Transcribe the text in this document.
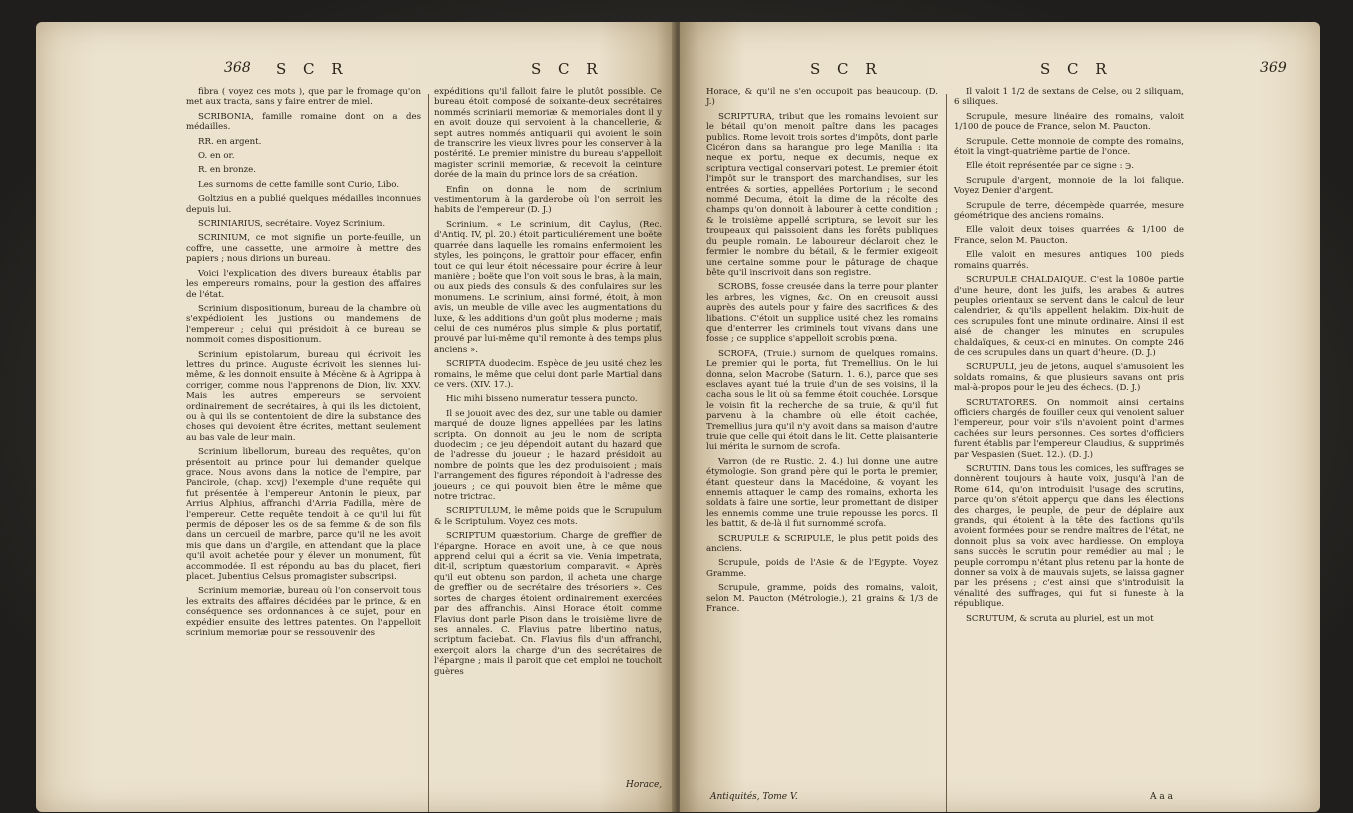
368 S C R	S C R

fibra ( voyez ces mots ), que par le fromage qu'on met aux tracta, sans y faire entrer de miel.

SCRIBONIA, famille romaine dont on a des médailles.

RR. en argent.

O. en or.

R. en bronze.

Les surnoms de cette famille sont Curio, Libo.

Goltzius en a publié quelques médailles inconnues depuis lui.

SCRINIARIUS, secrétaire. Voyez Scrinium.

SCRINIUM, ce mot signifie un porte-feuille, un coffre, une cassette, une armoire à mettre des papiers ; nous dirions un bureau.

Voici l'explication des divers bureaux établis par les empereurs romains, pour la gestion des affaires de l'état.

Scrinium dispositionum, bureau de la chambre où s'expédioient les justions ou mandemens de l'empereur ; celui qui présidoit à ce bureau se nommoit comes dispositionum.

Scrinium epistolarum, bureau qui écrivoit les lettres du prince. Auguste écrivoit les siennes lui-même, & les donnoit ensuite à Mécène & à Agrippa à corriger, comme nous l'apprenons de Dion, liv. XXV. Mais les autres empereurs se servoient ordinairement de secrétaires, à qui ils les dictoient, ou à qui ils se contentoient de dire la substance des choses qui devoient être écrites, mettant seulement au bas vale de leur main.

Scrinium libellorum, bureau des requêtes, qu'on présentoit au prince pour lui demander quelque grace. Nous avons dans la notice de l'empire, par Pancirole, (chap. xcvj) l'exemple d'une requête qui fut présentée à l'empereur Antonin le pieux, par Arrius Alphius, affranchi d'Arria Fadilla, mère de l'empereur. Cette requête tendoit à ce qu'il lui fût permis de déposer les os de sa femme & de son fils dans un cercueil de marbre, parce qu'il ne les avoit mis que dans un d'argile, en attendant que la place qu'il avoit achetée pour y élever un monument, fût accommodée. Il est répondu au bas du placet, fieri placet. Jubentius Celsus promagister subscripsi.

Scrinium memoriæ, bureau où l'on conservoit tous les extraits des affaires décidées par le prince, & en conséquence ses ordonnances à ce sujet, pour en expédier ensuite des lettres patentes. On l'appelloit scrinium memoriæ pour se ressouvenir des

expéditions qu'il falloit faire le plutôt possible. Ce bureau étoit composé de soixante-deux secrétaires nommés scriniarii memoriæ & memoriales dont il y en avoit douze qui servoient à la chancellerie, & sept autres nommés antiquarii qui avoient le soin de transcrire les vieux livres pour les conserver à la postérité. Le premier ministre du bureau s'appelloit magister scrinii memoriæ, & recevoit la ceinture dorée de la main du prince lors de sa création.

Enfin on donna le nom de scrinium vestimentorum à la garderobe où l'on serroit les habits de l'empereur (D. J.)

Scrinium. « Le scrinium, dit Caylus, (Rec. d'Antiq. IV, pl. 20.) étoit particuliérement une boëte quarrée dans laquelle les romains enfermoient les styles, les poinçons, le grattoir pour effacer, enfin tout ce qui leur étoit nécessaire pour écrire à leur manière ; boëte que l'on voit sous le bras, à la main, ou aux pieds des consuls & des confulaires sur les monumens. Le scrinium, ainsi formé, étoit, à mon avis, un meuble de ville avec les augmentations du luxe, & les additions d'un goût plus moderne ; mais celui de ces numéros plus simple & plus portatif, prouvé par lui-même qu'il remonte à des temps plus anciens ».

SCRIPTA duodecim. Espèce de jeu usité chez les romains, le même que celui dont parle Martial dans ce vers. (XIV. 17.).

Hic mihi bisseno numeratur tessera puncto.

Il se jouoit avec des dez, sur une table ou damier marqué de douze lignes appellées par les latins scripta. On donnoit au jeu le nom de scripta duodecim ; ce jeu dépendoit autant du hazard que de l'adresse du joueur ; le hazard présidoit au nombre de points que les dez produisoient ; mais l'arrangement des figures répondoit à l'adresse des joueurs ; ce qui pouvoit bien être le même que notre trictrac.

SCRIPTULUM, le même poids que le Scrupulum & le Scriptulum. Voyez ces mots.

SCRIPTUM quæstorium. Charge de greffier de l'épargne. Horace en avoit une, à ce que nous apprend celui qui a écrit sa vie. Venia impetrata, dit-il, scriptum quæstorium comparavit. « Après qu'il eut obtenu son pardon, il acheta une charge de greffier ou de secrétaire des trésoriers ». Ces sortes de charges étoient ordinairement exercées par des affranchis. Ainsi Horace étoit comme Flavius dont parle Pison dans le troisième livre de ses annales. C. Flavius patre libertino natus, scriptum faciebat. Cn. Flavius fils d'un affranchi, exerçoit alors la charge d'un des secrétaires de l'épargne ; mais il paroit que cet emploi ne touchoit guères

Horace,
S C R	S C R	369

Horace, & qu'il ne s'en occupoit pas beaucoup. (D. J.)

SCRIPTURA, tribut que les romains levoient sur le bétail qu'on menoit paître dans les pacages publics. Rome levoit trois sortes d'impôts, dont parle Cicéron dans sa harangue pro lege Manilia : ita neque ex portu, neque ex decumis, neque ex scriptura vectigal conservari potest. Le premier étoit l'impôt sur le transport des marchandises, sur les entrées & sorties, appellées Portorium ; le second nommé Decuma, étoit la dime de la récolte des champs qu'on donnoit à labourer à cette condition ; & le troisième appellé scriptura, se levoit sur les troupeaux qui paissoient dans les forêts publiques du peuple romain. Le laboureur déclaroit chez le fermier le nombre du bétail, & le fermier exigeoit une certaine somme pour le pâturage de chaque bête qu'il inscrivoit dans son registre.

SCROBS, fosse creusée dans la terre pour planter les arbres, les vignes, &c. On en creusoit aussi auprès des autels pour y faire des sacrifices & des libations. C'étoit un supplice usité chez les romains que d'enterrer les criminels tout vivans dans une fosse ; ce supplice s'appelloit scrobis pœna.

SCROFA, (Truie.) surnom de quelques romains. Le premier qui le porta, fut Tremellius. On le lui donna, selon Macrobe (Saturn. 1. 6.), parce que ses esclaves ayant tué la truie d'un de ses voisins, il la cacha sous le lit où sa femme étoit couchée. Lorsque le voisin fit la recherche de sa truie, & qu'il fut parvenu à la chambre où elle étoit cachée, Tremellius jura qu'il n'y avoit dans sa maison d'autre truie que celle qui étoit dans le lit. Cette plaisanterie lui mérita le surnom de scrofa.

Varron (de re Rustic. 2. 4.) lui donne une autre étymologie. Son grand père qui le porta le premier, étant questeur dans la Macédoine, & voyant les ennemis attaquer le camp des romains, exhorta les soldats à faire une sortie, leur promettant de disiper les ennemis comme une truie repousse les porcs. Il les battit, & de-là il fut surnommé scrofa.

SCRUPULE & SCRIPULE, le plus petit poids des anciens.

Scrupule, poids de l'Asie & de l'Egypte. Voyez Gramme.

Scrupule, gramme, poids des romains, valoit, selon M. Paucton (Métrologie.), 21 grains & 1/3 de France.

Il valoit 1 1/2 de sextans de Celse, ou 2 siliquam, 6 siliques.

Scrupule, mesure linéaire des romains, valoit 1/100 de pouce de France, selon M. Paucton.

Scrupule. Cette monnoie de compte des romains, étoit la vingt-quatrième partie de l'once.

Elle étoit représentée par ce signe : ℈.

Scrupule d'argent, monnoie de la loi falique. Voyez Denier d'argent.

Scrupule de terre, décempède quarrée, mesure géométrique des anciens romains.

Elle valoit deux toises quarrées & 1/100 de France, selon M. Paucton.

Elle valoit en mesures antiques 100 pieds romains quarrés.

SCRUPULE CHALDAIQUE. C'est la 1080e partie d'une heure, dont les juifs, les arabes & autres peuples orientaux se servent dans le calcul de leur calendrier, & qu'ils appellent helakim. Dix-huit de ces scrupules font une minute ordinaire. Ainsi il est aisé de changer les minutes en scrupules chaldaïques, & ceux-ci en minutes. On compte 246 de ces scrupules dans un quart d'heure. (D. J.)

SCRUPULI, jeu de jetons, auquel s'amusoient les soldats romains, & que plusieurs savans ont pris mal-à-propos pour le jeu des échecs. (D. J.)

SCRUTATORES. On nommoit ainsi certains officiers chargés de fouiller ceux qui venoient saluer l'empereur, pour voir s'ils n'avoient point d'armes cachées sur leurs personnes. Ces sortes d'officiers furent établis par l'empereur Claudius, & supprimés par Vespasien (Suet. 12.). (D. J.)

SCRUTIN. Dans tous les comices, les suffrages se donnèrent toujours à haute voix, jusqu'à l'an de Rome 614, qu'on introduisit l'usage des scrutins, parce qu'on s'étoit apperçu que dans les élections des charges, le peuple, de peur de déplaire aux grands, qui étoient à la tête des factions qu'ils avoient formées pour se rendre maîtres de l'état, ne donnoit plus sa voix avec hardiesse. On employa sans succès le scrutin pour remédier au mal ; le peuple corrompu n'étant plus retenu par la honte de donner sa voix à de mauvais sujets, se laissa gagner par les présens ; c'est ainsi que s'introduisit la vénalité des suffrages, qui fut si funeste à la république.

SCRUTUM, & scruta au pluriel, est un mot

Antiquités, Tome V.	A a a
